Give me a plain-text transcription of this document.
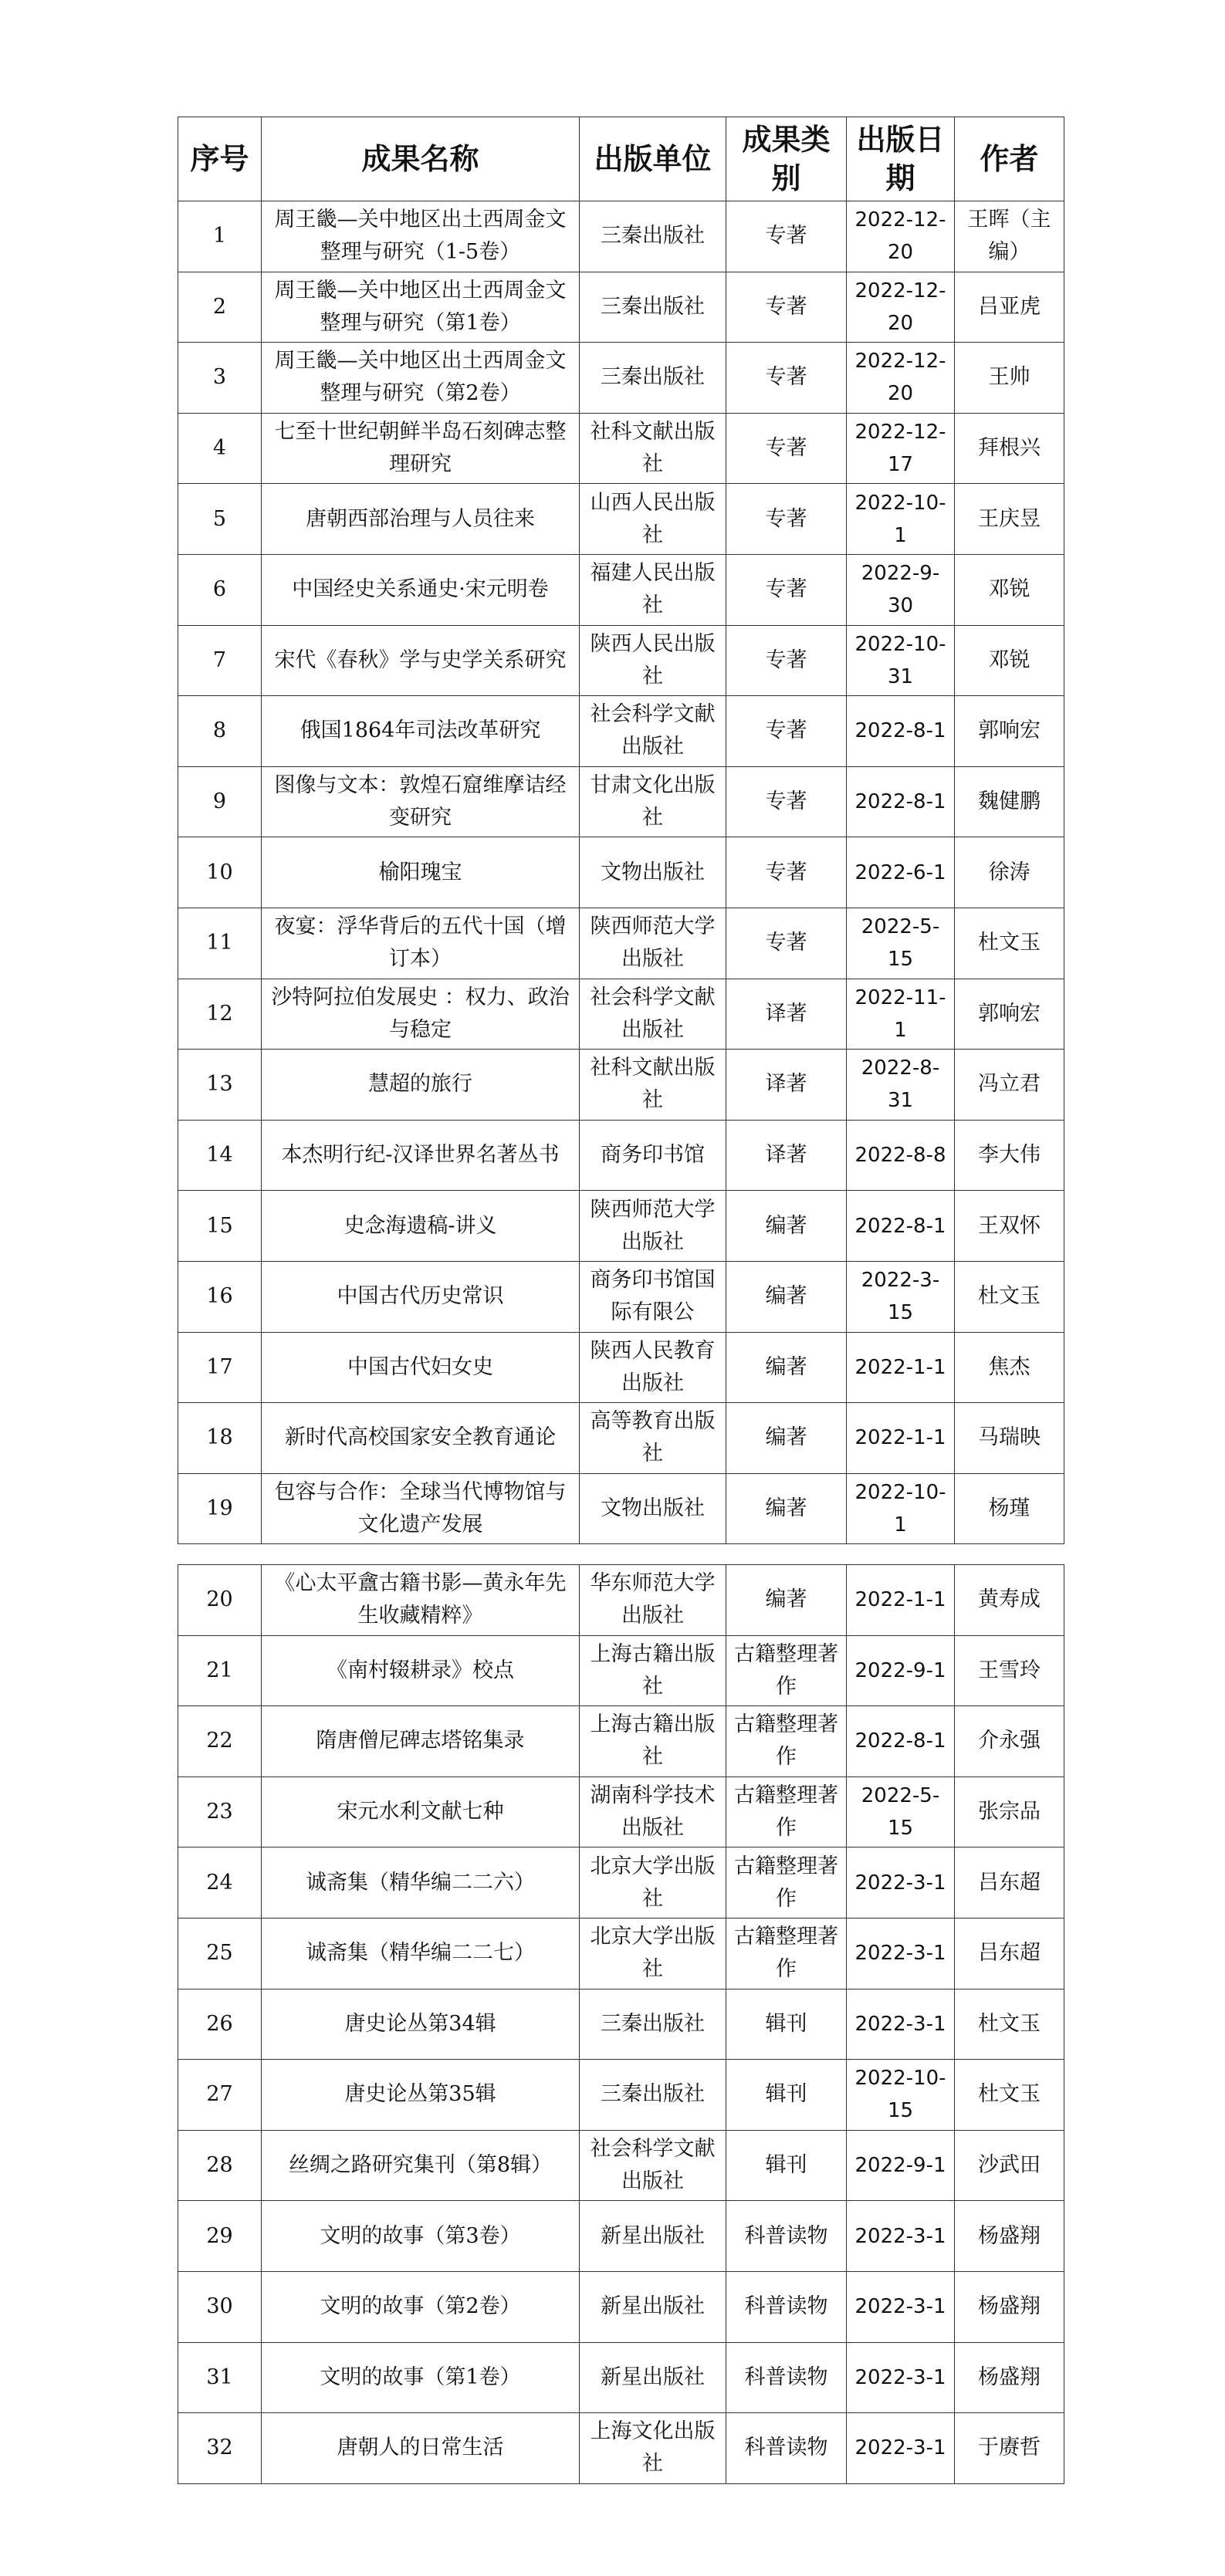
序号	成果名称	出版单位	成果类别	出版日期	作者
1	周王畿—关中地区出土西周金文整理与研究（1-5卷）	三秦出版社	专著	2022-12-20	王晖（主编）
2	周王畿—关中地区出土西周金文整理与研究（第1卷）	三秦出版社	专著	2022-12-20	吕亚虎
3	周王畿—关中地区出土西周金文整理与研究（第2卷）	三秦出版社	专著	2022-12-20	王帅
4	七至十世纪朝鲜半岛石刻碑志整理研究	社科文献出版社	专著	2022-12-17	拜根兴
5	唐朝西部治理与人员往来	山西人民出版社	专著	2022-10-1	王庆昱
6	中国经史关系通史·宋元明卷	福建人民出版社	专著	2022-9-30	邓锐
7	宋代《春秋》学与史学关系研究	陕西人民出版社	专著	2022-10-31	邓锐
8	俄国1864年司法改革研究	社会科学文献出版社	专著	2022-8-1	郭响宏
9	图像与文本：敦煌石窟维摩诘经变研究	甘肃文化出版社	专著	2022-8-1	魏健鹏
10	榆阳瑰宝	文物出版社	专著	2022-6-1	徐涛
11	夜宴：浮华背后的五代十国（增订本）	陕西师范大学出版社	专著	2022-5-15	杜文玉
12	沙特阿拉伯发展史 ：权力、政治与稳定	社会科学文献出版社	译著	2022-11-1	郭响宏
13	慧超的旅行	社科文献出版社	译著	2022-8-31	冯立君
14	本杰明行纪-汉译世界名著丛书	商务印书馆	译著	2022-8-8	李大伟
15	史念海遗稿-讲义	陕西师范大学出版社	编著	2022-8-1	王双怀
16	中国古代历史常识	商务印书馆国际有限公	编著	2022-3-15	杜文玉
17	中国古代妇女史	陕西人民教育出版社	编著	2022-1-1	焦杰
18	新时代高校国家安全教育通论	高等教育出版社	编著	2022-1-1	马瑞映
19	包容与合作：全球当代博物馆与文化遗产发展	文物出版社	编著	2022-10-1	杨瑾
20	《心太平盦古籍书影—黄永年先生收藏精粹》	华东师范大学出版社	编著	2022-1-1	黄寿成
21	《南村辍耕录》校点	上海古籍出版社	古籍整理著作	2022-9-1	王雪玲
22	隋唐僧尼碑志塔铭集录	上海古籍出版社	古籍整理著作	2022-8-1	介永强
23	宋元水利文献七种	湖南科学技术出版社	古籍整理著作	2022-5-15	张宗品
24	诚斋集（精华编二二六）	北京大学出版社	古籍整理著作	2022-3-1	吕东超
25	诚斋集（精华编二二七）	北京大学出版社	古籍整理著作	2022-3-1	吕东超
26	唐史论丛第34辑	三秦出版社	辑刊	2022-3-1	杜文玉
27	唐史论丛第35辑	三秦出版社	辑刊	2022-10-15	杜文玉
28	丝绸之路研究集刊（第8辑）	社会科学文献出版社	辑刊	2022-9-1	沙武田
29	文明的故事（第3卷）	新星出版社	科普读物	2022-3-1	杨盛翔
30	文明的故事（第2卷）	新星出版社	科普读物	2022-3-1	杨盛翔
31	文明的故事（第1卷）	新星出版社	科普读物	2022-3-1	杨盛翔
32	唐朝人的日常生活	上海文化出版社	科普读物	2022-3-1	于赓哲
